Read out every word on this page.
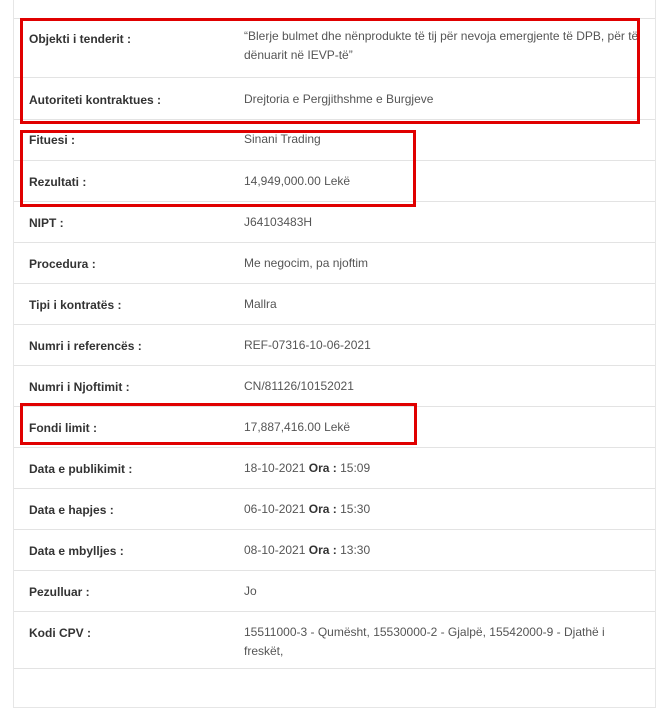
Objekti i tenderit :	“Blerje bulmet dhe nënprodukte të tij për nevoja emergjente të DPB, për të dënuarit në IEVP-të”
Autoriteti kontraktues :	Drejtoria e Pergjithshme e Burgjeve
Fituesi :	Sinani Trading
Rezultati :	14,949,000.00 Lekë
NIPT :	J64103483H
Procedura :	Me negocim, pa njoftim
Tipi i kontratës :	Mallra
Numri i referencës :	REF-07316-10-06-2021
Numri i Njoftimit :	CN/81126/10152021
Fondi limit :	17,887,416.00 Lekë
Data e publikimit :	18-10-2021 Ora : 15:09
Data e hapjes :	06-10-2021 Ora : 15:30
Data e mbylljes :	08-10-2021 Ora : 13:30
Pezulluar :	Jo
Kodi CPV :	15511000-3 - Qumësht, 15530000-2 - Gjalpë, 15542000-9 - Djathë i freskët,
